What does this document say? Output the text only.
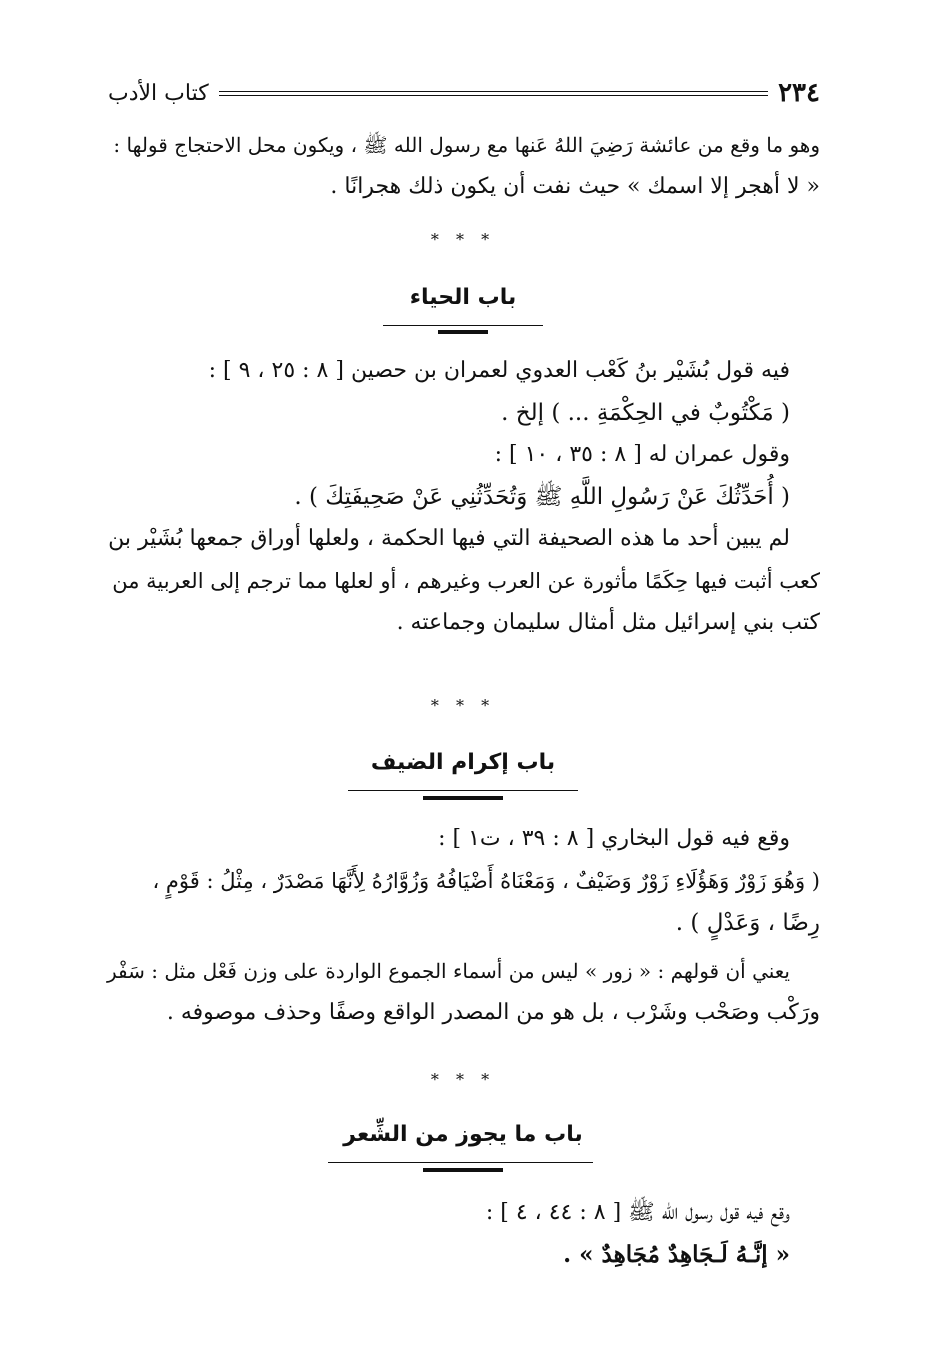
٢٣٤
كتاب الأدب
وهو ما وقع من عائشة رَضِيَ اللهُ عَنها مع رسول الله ﷺ ، ويكون محل الاحتجاج قولها :
« لا أهجر إلا اسمك » حيث نفت أن يكون ذلك هجرانًا .
* * *
باب الحياء
فيه قول بُشَيْر بنُ كَعْب العدوي لعمران بن حصين [ ٨ : ٢٥ ، ٩ ] :
( مَكْتُوبٌ في الحِكْمَةِ ... ) إلخ .
وقول عمران له [ ٨ : ٣٥ ، ١٠ ] :
( أُحَدِّثُكَ عَنْ رَسُولِ اللَّهِ ﷺ وَتُحَدِّثُنِي عَنْ صَحِيفَتِكَ ) .
لم يبين أحد ما هذه الصحيفة التي فيها الحكمة ، ولعلها أوراق جمعها بُشَيْر بن
كعب أثبت فيها حِكَمًا مأثورة عن العرب وغيرهم ، أو لعلها مما ترجم إلى العربية من
كتب بني إسرائيل مثل أمثال سليمان وجماعته .
* * *
باب إكرام الضيف
وقع فيه قول البخاري [ ٨ : ٣٩ ، ت١ ] :
( وَهُوَ زَوْرٌ وَهَؤُلَاءِ زَوْرٌ وَضَيْفٌ ، وَمَعْنَاهُ أَضْيَافُهُ وَزُوَّارُهُ لِأَنَّهَا مَصْدَرٌ ، مِثْلُ : قَوْمٍ ،
رِضًا ، وَعَدْلٍ ) .
يعني أن قولهم : « زور » ليس من أسماء الجموع الواردة على وزن فَعْل مثل : سَفْر
ورَكْب وصَحْب وشَرْب ، بل هو من المصدر الواقع وصفًا وحذف موصوفه .
* * *
باب ما يجوز من الشِّعر
وقع فيه قول رسول الله ﷺ [ ٨ : ٤٤ ، ٤ ] :
« إنَّـهُ لَـجَاهِدٌ مُجَاهِدٌ » .
